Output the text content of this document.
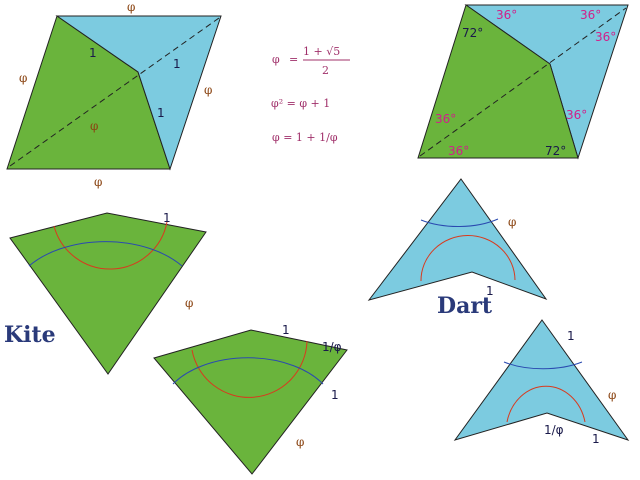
φ
φ
φ
φ
φ
1
1
1
φ =
1 + √5
2
φ² = φ + 1
φ = 1 + 1/φ
72°
36°	36°
36°
36°
36°
36°	72°
1
φ
Kite	1
1/φ
1
φ
φ
1
Dart
1
φ
1/φ
1
